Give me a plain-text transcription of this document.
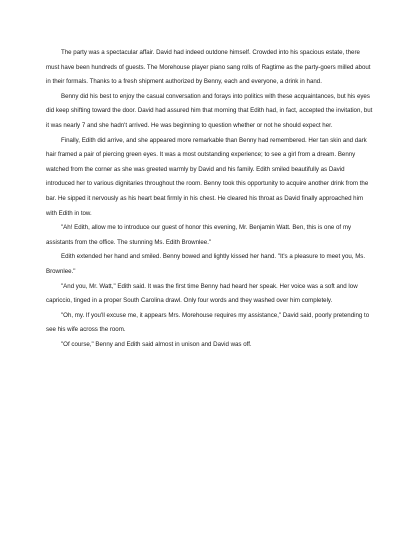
The party was a spectacular affair. David had indeed outdone himself. Crowded into his spacious estate, there must have been hundreds of guests. The Morehouse player piano sang rolls of Ragtime as the party-goers milled about in their formals. Thanks to a fresh shipment authorized by Benny, each and everyone, a drink in hand.

Benny did his best to enjoy the casual conversation and forays into politics with these acquaintances, but his eyes did keep shifting toward the door. David had assured him that morning that Edith had, in fact, accepted the invitation, but it was nearly 7 and she hadn't arrived. He was beginning to question whether or not he should expect her.

Finally, Edith did arrive, and she appeared more remarkable than Benny had remembered. Her tan skin and dark hair framed a pair of piercing green eyes. It was a most outstanding experience; to see a girl from a dream. Benny watched from the corner as she was greeted warmly by David and his family. Edith smiled beautifully as David introduced her to various dignitaries throughout the room. Benny took this opportunity to acquire another drink from the bar. He sipped it nervously as his heart beat firmly in his chest. He cleared his throat as David finally approached him with Edith in tow.

"Ah! Edith, allow me to introduce our guest of honor this evening, Mr. Benjamin Watt. Ben, this is one of my assistants from the office. The stunning Ms. Edith Brownlee."

Edith extended her hand and smiled. Benny bowed and lightly kissed her hand. "It's a pleasure to meet you, Ms. Brownlee."

"And you, Mr. Watt," Edith said. It was the first time Benny had heard her speak. Her voice was a soft and low capriccio, tinged in a proper South Carolina drawl. Only four words and they washed over him completely.

"Oh, my. If you'll excuse me, it appears Mrs. Morehouse requires my assistance," David said, poorly pretending to see his wife across the room.

"Of course," Benny and Edith said almost in unison and David was off.
